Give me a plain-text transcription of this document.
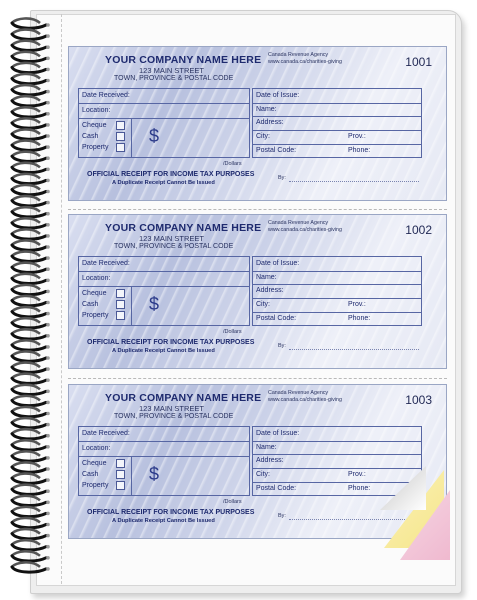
YOUR COMPANY NAME HERE
123 MAIN STREET
TOWN, PROVINCE & POSTAL CODE
Canada Revenue Agency
www.canada.ca/charities-giving	1001
Date Received:
Location:
Cheque
Cash
Property
$
Date of Issue:
Name:
Address:
City:	Prov.:
Postal Code:	Phone:
/Dollars
OFFICIAL RECEIPT FOR INCOME TAX PURPOSES
A Duplicate Receipt Cannot Be Issued
By:
YOUR COMPANY NAME HERE
123 MAIN STREET
TOWN, PROVINCE & POSTAL CODE
Canada Revenue Agency
www.canada.ca/charities-giving	1002
Date Received:
Location:
Cheque
Cash
Property
$
Date of Issue:
Name:
Address:
City:	Prov.:
Postal Code:	Phone:
/Dollars
OFFICIAL RECEIPT FOR INCOME TAX PURPOSES
A Duplicate Receipt Cannot Be Issued
By:
YOUR COMPANY NAME HERE
123 MAIN STREET
TOWN, PROVINCE & POSTAL CODE
Canada Revenue Agency
www.canada.ca/charities-giving	1003
Date Received:
Location:
Cheque
Cash
Property
$
Date of Issue:
Name:
Address:
City:	Prov.:
Postal Code:	Phone:
/Dollars
OFFICIAL RECEIPT FOR INCOME TAX PURPOSES
A Duplicate Receipt Cannot Be Issued
By:
